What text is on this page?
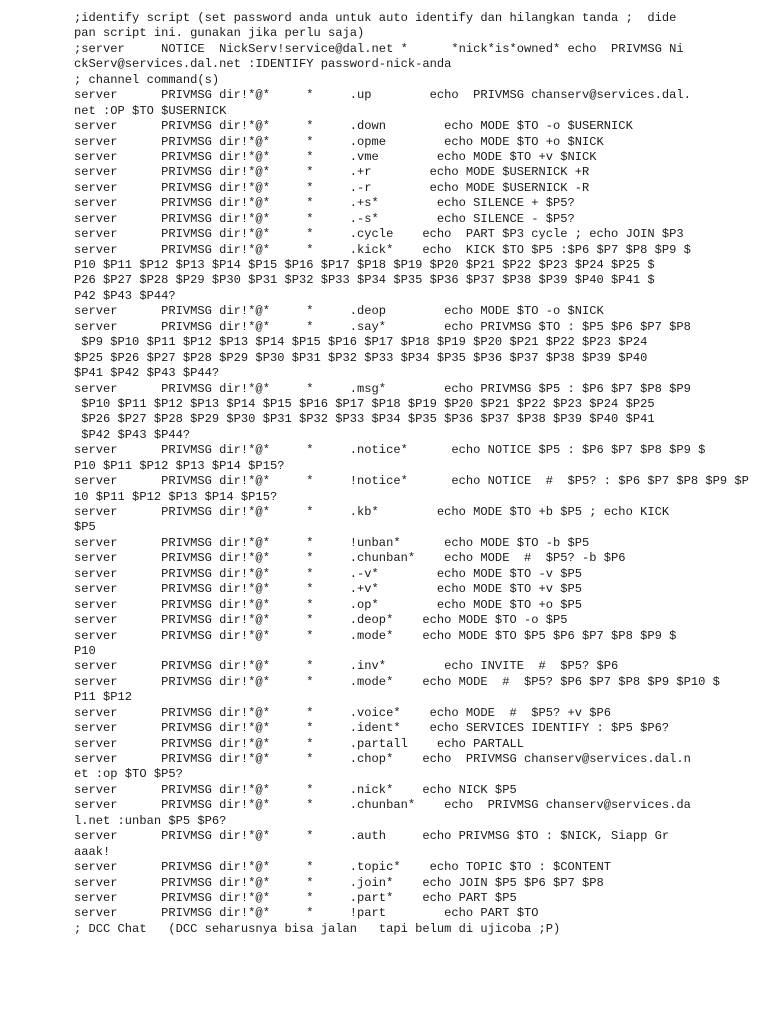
;identify script (set password anda untuk auto identify dan hilangkan tanda ;  dide
pan script ini. gunakan jika perlu saja)
;server     NOTICE  NickServ!service@dal.net *      *nick*is*owned* echo  PRIVMSG Ni
ckServ@services.dal.net :IDENTIFY password-nick-anda
; channel command(s)
server      PRIVMSG dir!*@*     *     .up        echo  PRIVMSG chanserv@services.dal.
net :OP $TO $USERNICK
server      PRIVMSG dir!*@*     *     .down        echo MODE $TO -o $USERNICK
server      PRIVMSG dir!*@*     *     .opme        echo MODE $TO +o $NICK
server      PRIVMSG dir!*@*     *     .vme        echo MODE $TO +v $NICK
server      PRIVMSG dir!*@*     *     .+r        echo MODE $USERNICK +R
server      PRIVMSG dir!*@*     *     .-r        echo MODE $USERNICK -R
server      PRIVMSG dir!*@*     *     .+s*        echo SILENCE + $P5?
server      PRIVMSG dir!*@*     *     .-s*        echo SILENCE - $P5?
server      PRIVMSG dir!*@*     *     .cycle    echo  PART $P3 cycle ; echo JOIN $P3
server      PRIVMSG dir!*@*     *     .kick*    echo  KICK $TO $P5 :$P6 $P7 $P8 $P9 $
P10 $P11 $P12 $P13 $P14 $P15 $P16 $P17 $P18 $P19 $P20 $P21 $P22 $P23 $P24 $P25 $
P26 $P27 $P28 $P29 $P30 $P31 $P32 $P33 $P34 $P35 $P36 $P37 $P38 $P39 $P40 $P41 $
P42 $P43 $P44?
server      PRIVMSG dir!*@*     *     .deop        echo MODE $TO -o $NICK
server      PRIVMSG dir!*@*     *     .say*        echo PRIVMSG $TO : $P5 $P6 $P7 $P8
$P9 $P10 $P11 $P12 $P13 $P14 $P15 $P16 $P17 $P18 $P19 $P20 $P21 $P22 $P23 $P24
$P25 $P26 $P27 $P28 $P29 $P30 $P31 $P32 $P33 $P34 $P35 $P36 $P37 $P38 $P39 $P40
$P41 $P42 $P43 $P44?
server      PRIVMSG dir!*@*     *     .msg*        echo PRIVMSG $P5 : $P6 $P7 $P8 $P9
$P10 $P11 $P12 $P13 $P14 $P15 $P16 $P17 $P18 $P19 $P20 $P21 $P22 $P23 $P24 $P25
$P26 $P27 $P28 $P29 $P30 $P31 $P32 $P33 $P34 $P35 $P36 $P37 $P38 $P39 $P40 $P41
$P42 $P43 $P44?
server      PRIVMSG dir!*@*     *     .notice*      echo NOTICE $P5 : $P6 $P7 $P8 $P9 $
P10 $P11 $P12 $P13 $P14 $P15?
server      PRIVMSG dir!*@*     *     !notice*      echo NOTICE  #  $P5? : $P6 $P7 $P8 $P9 $P
10 $P11 $P12 $P13 $P14 $P15?
server      PRIVMSG dir!*@*     *     .kb*        echo MODE $TO +b $P5 ; echo KICK
$P5
server      PRIVMSG dir!*@*     *     !unban*      echo MODE $TO -b $P5
server      PRIVMSG dir!*@*     *     .chunban*    echo MODE  #  $P5? -b $P6
server      PRIVMSG dir!*@*     *     .-v*        echo MODE $TO -v $P5
server      PRIVMSG dir!*@*     *     .+v*        echo MODE $TO +v $P5
server      PRIVMSG dir!*@*     *     .op*        echo MODE $TO +o $P5
server      PRIVMSG dir!*@*     *     .deop*    echo MODE $TO -o $P5
server      PRIVMSG dir!*@*     *     .mode*    echo MODE $TO $P5 $P6 $P7 $P8 $P9 $
P10
server      PRIVMSG dir!*@*     *     .inv*        echo INVITE  #  $P5? $P6
server      PRIVMSG dir!*@*     *     .mode*    echo MODE  #  $P5? $P6 $P7 $P8 $P9 $P10 $
P11 $P12
server      PRIVMSG dir!*@*     *     .voice*    echo MODE  #  $P5? +v $P6
server      PRIVMSG dir!*@*     *     .ident*    echo SERVICES IDENTIFY : $P5 $P6?
server      PRIVMSG dir!*@*     *     .partall    echo PARTALL
server      PRIVMSG dir!*@*     *     .chop*    echo  PRIVMSG chanserv@services.dal.n
et :op $TO $P5?
server      PRIVMSG dir!*@*     *     .nick*    echo NICK $P5
server      PRIVMSG dir!*@*     *     .chunban*    echo  PRIVMSG chanserv@services.da
l.net :unban $P5 $P6?
server      PRIVMSG dir!*@*     *     .auth     echo PRIVMSG $TO : $NICK, Siapp Gr
aaak!
server      PRIVMSG dir!*@*     *     .topic*    echo TOPIC $TO : $CONTENT
server      PRIVMSG dir!*@*     *     .join*    echo JOIN $P5 $P6 $P7 $P8
server      PRIVMSG dir!*@*     *     .part*    echo PART $P5
server      PRIVMSG dir!*@*     *     !part        echo PART $TO
; DCC Chat   (DCC seharusnya bisa jalan   tapi belum di ujicoba ;P)
